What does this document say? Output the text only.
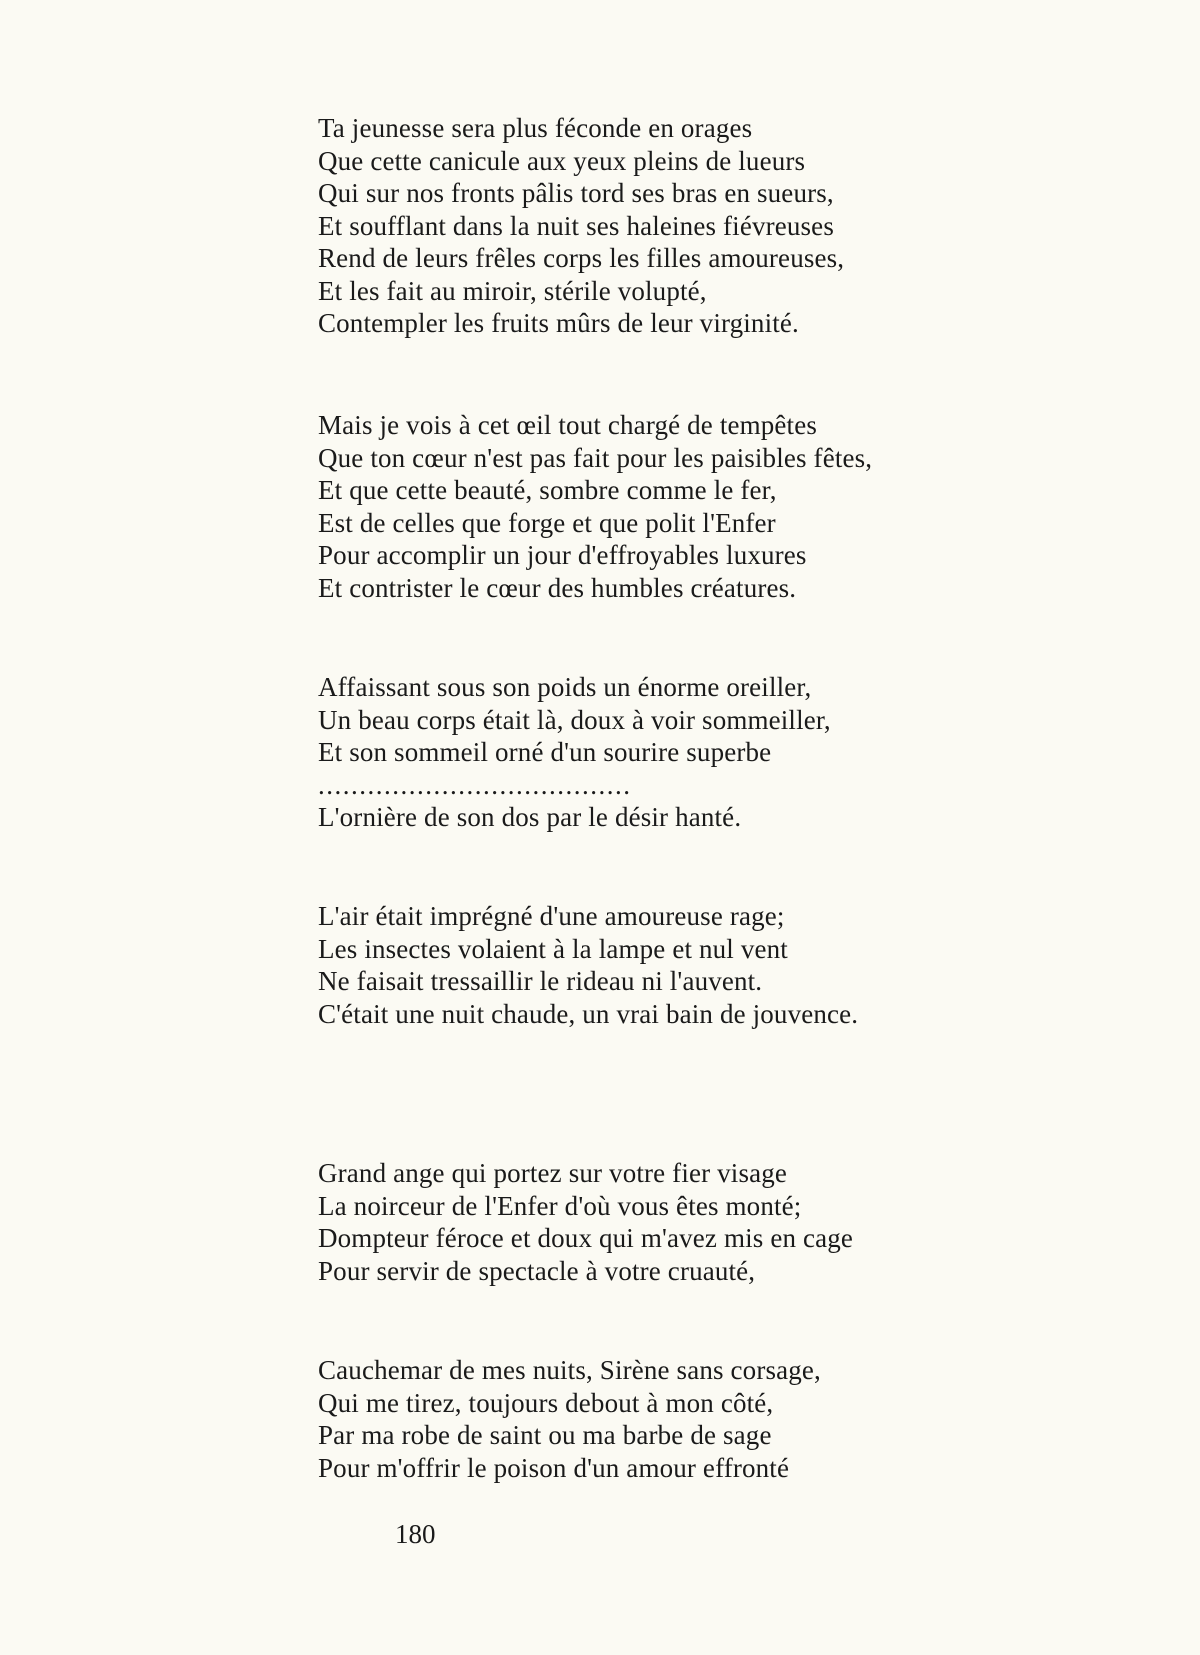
Ta jeunesse sera plus féconde en orages
Que cette canicule aux yeux pleins de lueurs
Qui sur nos fronts pâlis tord ses bras en sueurs,
Et soufflant dans la nuit ses haleines fiévreuses
Rend de leurs frêles corps les filles amoureuses,
Et les fait au miroir, stérile volupté,
Contempler les fruits mûrs de leur virginité.
Mais je vois à cet œil tout chargé de tempêtes
Que ton cœur n'est pas fait pour les paisibles fêtes,
Et que cette beauté, sombre comme le fer,
Est de celles que forge et que polit l'Enfer
Pour accomplir un jour d'effroyables luxures
Et contrister le cœur des humbles créatures.
Affaissant sous son poids un énorme oreiller,
Un beau corps était là, doux à voir sommeiller,
Et son sommeil orné d'un sourire superbe
......................................
L'ornière de son dos par le désir hanté.
L'air était imprégné d'une amoureuse rage;
Les insectes volaient à la lampe et nul vent
Ne faisait tressaillir le rideau ni l'auvent.
C'était une nuit chaude, un vrai bain de jouvence.
Grand ange qui portez sur votre fier visage
La noirceur de l'Enfer d'où vous êtes monté;
Dompteur féroce et doux qui m'avez mis en cage
Pour servir de spectacle à votre cruauté,
Cauchemar de mes nuits, Sirène sans corsage,
Qui me tirez, toujours debout à mon côté,
Par ma robe de saint ou ma barbe de sage
Pour m'offrir le poison d'un amour effronté
180
